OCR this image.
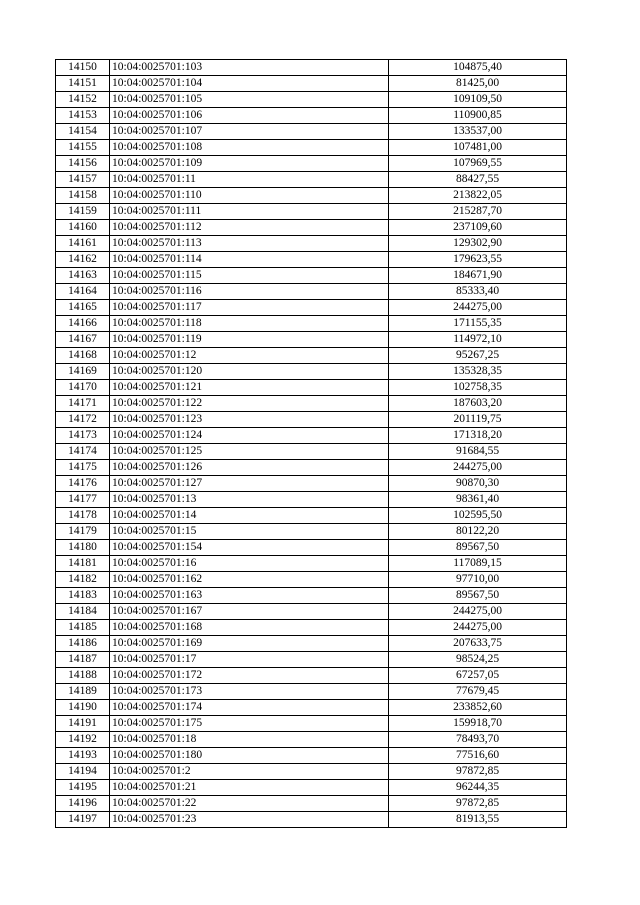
14150	10:04:0025701:103	104875,40
14151	10:04:0025701:104	81425,00
14152	10:04:0025701:105	109109,50
14153	10:04:0025701:106	110900,85
14154	10:04:0025701:107	133537,00
14155	10:04:0025701:108	107481,00
14156	10:04:0025701:109	107969,55
14157	10:04:0025701:11	88427,55
14158	10:04:0025701:110	213822,05
14159	10:04:0025701:111	215287,70
14160	10:04:0025701:112	237109,60
14161	10:04:0025701:113	129302,90
14162	10:04:0025701:114	179623,55
14163	10:04:0025701:115	184671,90
14164	10:04:0025701:116	85333,40
14165	10:04:0025701:117	244275,00
14166	10:04:0025701:118	171155,35
14167	10:04:0025701:119	114972,10
14168	10:04:0025701:12	95267,25
14169	10:04:0025701:120	135328,35
14170	10:04:0025701:121	102758,35
14171	10:04:0025701:122	187603,20
14172	10:04:0025701:123	201119,75
14173	10:04:0025701:124	171318,20
14174	10:04:0025701:125	91684,55
14175	10:04:0025701:126	244275,00
14176	10:04:0025701:127	90870,30
14177	10:04:0025701:13	98361,40
14178	10:04:0025701:14	102595,50
14179	10:04:0025701:15	80122,20
14180	10:04:0025701:154	89567,50
14181	10:04:0025701:16	117089,15
14182	10:04:0025701:162	97710,00
14183	10:04:0025701:163	89567,50
14184	10:04:0025701:167	244275,00
14185	10:04:0025701:168	244275,00
14186	10:04:0025701:169	207633,75
14187	10:04:0025701:17	98524,25
14188	10:04:0025701:172	67257,05
14189	10:04:0025701:173	77679,45
14190	10:04:0025701:174	233852,60
14191	10:04:0025701:175	159918,70
14192	10:04:0025701:18	78493,70
14193	10:04:0025701:180	77516,60
14194	10:04:0025701:2	97872,85
14195	10:04:0025701:21	96244,35
14196	10:04:0025701:22	97872,85
14197	10:04:0025701:23	81913,55
